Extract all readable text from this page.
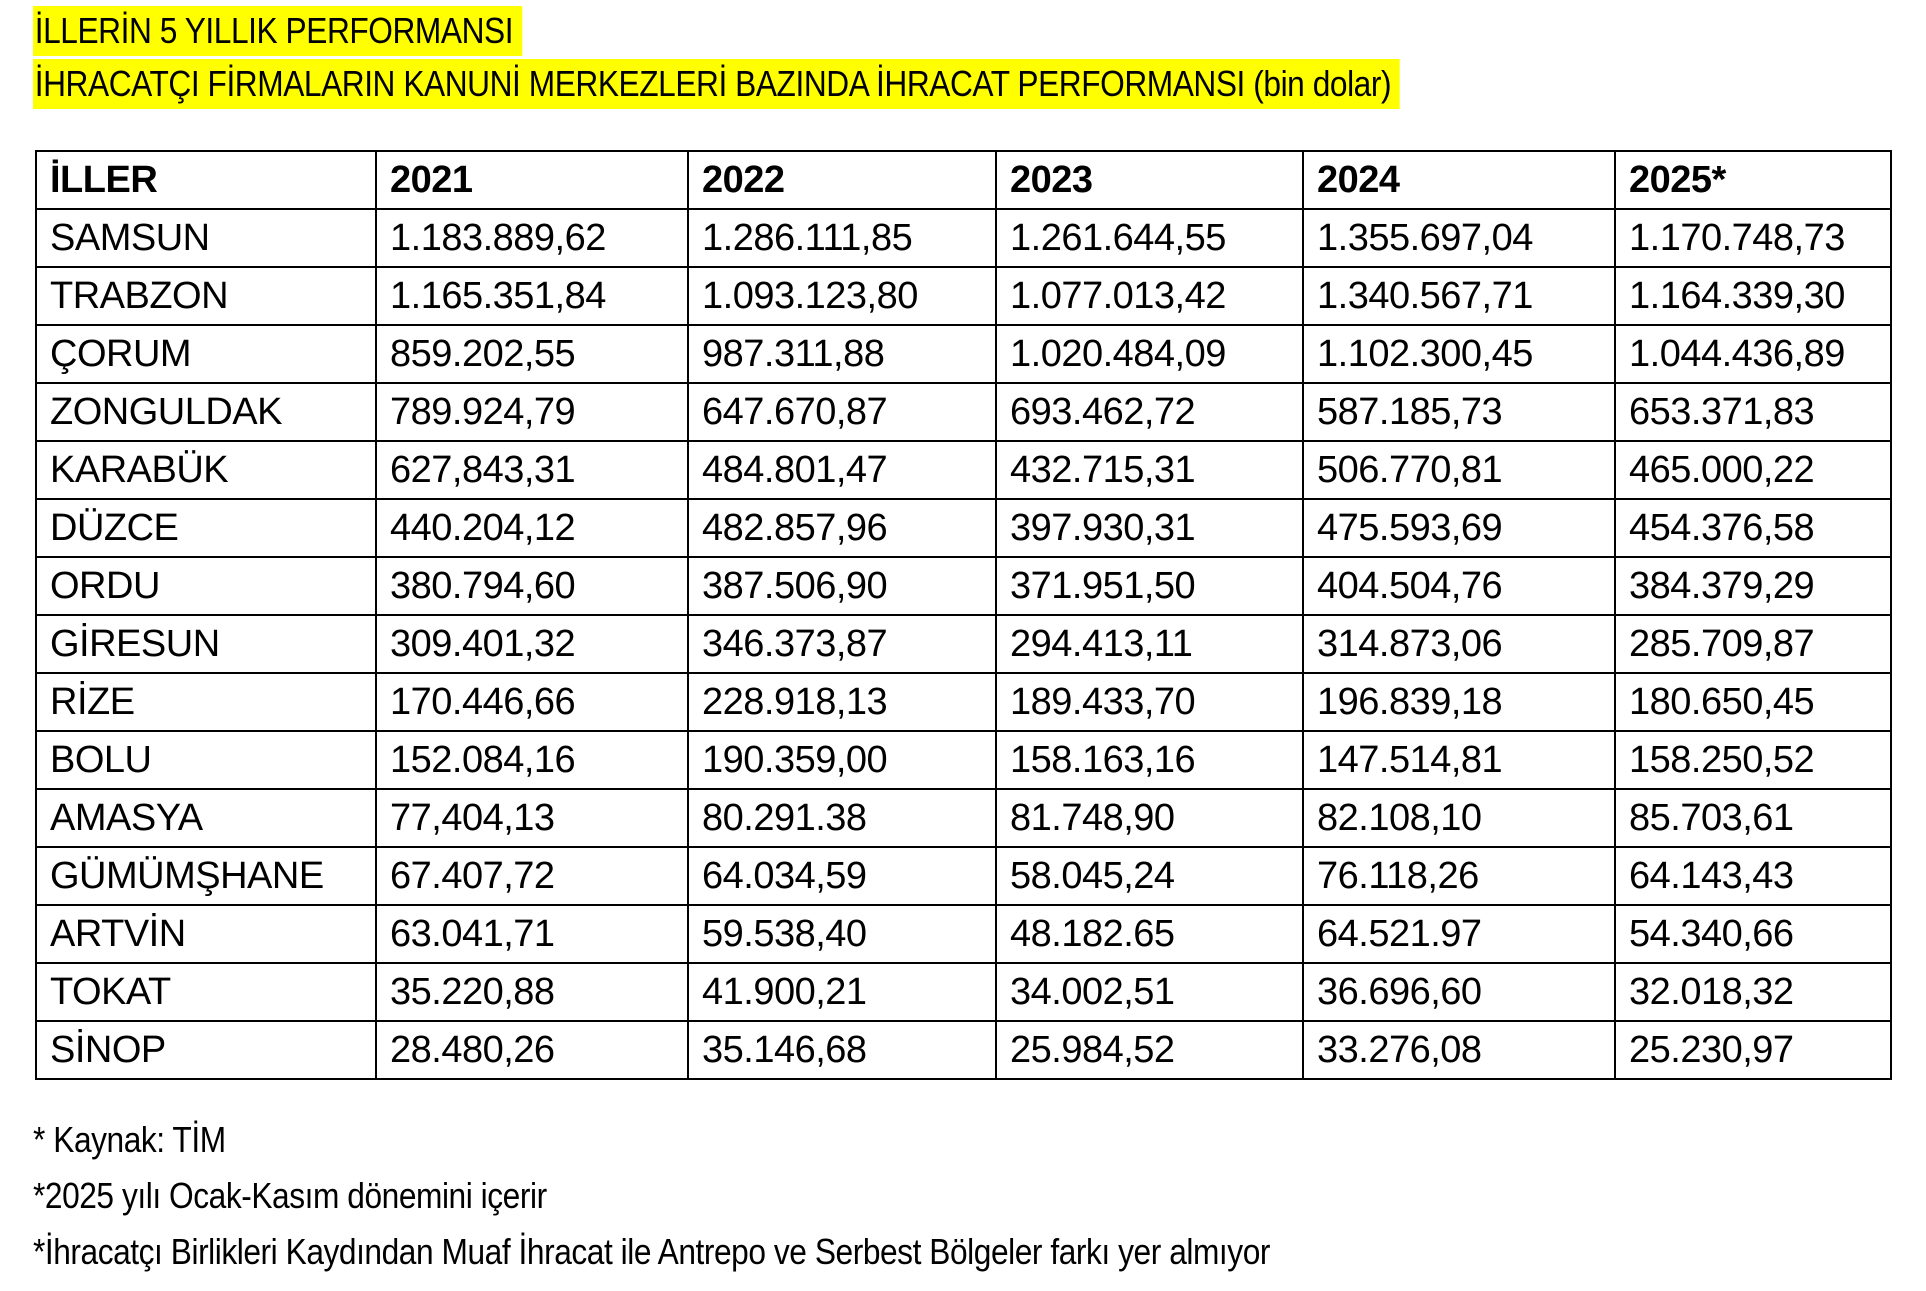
İLLERİN 5 YILLIK PERFORMANSI
İHRACATÇI FİRMALARIN KANUNİ MERKEZLERİ BAZINDA İHRACAT PERFORMANSI (bin dolar)
İLLER	2021	2022	2023	2024	2025*
SAMSUN	1.183.889,62	1.286.111,85	1.261.644,55	1.355.697,04	1.170.748,73
TRABZON	1.165.351,84	1.093.123,80	1.077.013,42	1.340.567,71	1.164.339,30
ÇORUM	859.202,55	987.311,88	1.020.484,09	1.102.300,45	1.044.436,89
ZONGULDAK	789.924,79	647.670,87	693.462,72	587.185,73	653.371,83
KARABÜK	627,843,31	484.801,47	432.715,31	506.770,81	465.000,22
DÜZCE	440.204,12	482.857,96	397.930,31	475.593,69	454.376,58
ORDU	380.794,60	387.506,90	371.951,50	404.504,76	384.379,29
GİRESUN	309.401,32	346.373,87	294.413,11	314.873,06	285.709,87
RİZE	170.446,66	228.918,13	189.433,70	196.839,18	180.650,45
BOLU	152.084,16	190.359,00	158.163,16	147.514,81	158.250,52
AMASYA	77,404,13	80.291.38	81.748,90	82.108,10	85.703,61
GÜMÜMŞHANE	67.407,72	64.034,59	58.045,24	76.118,26	64.143,43
ARTVİN	63.041,71	59.538,40	48.182.65	64.521.97	54.340,66
TOKAT	35.220,88	41.900,21	34.002,51	36.696,60	32.018,32
SİNOP	28.480,26	35.146,68	25.984,52	33.276,08	25.230,97
* Kaynak: TİM
*2025 yılı Ocak-Kasım dönemini içerir
*İhracatçı Birlikleri Kaydından Muaf İhracat ile Antrepo ve Serbest Bölgeler farkı yer almıyor
